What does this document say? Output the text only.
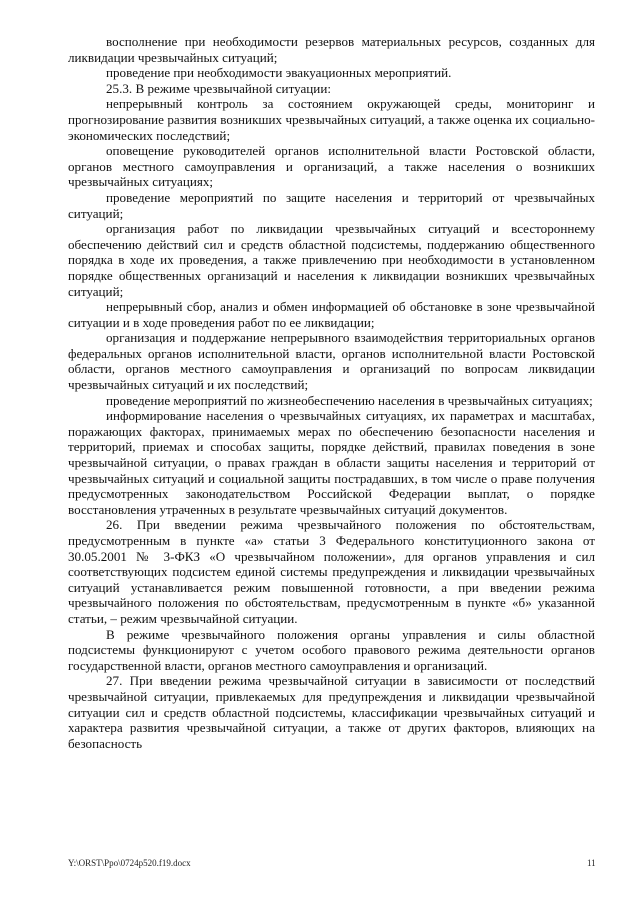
восполнение при необходимости резервов материальных ресурсов, созданных для ликвидации чрезвычайных ситуаций;

проведение при необходимости эвакуационных мероприятий.

25.3. В режиме чрезвычайной ситуации:

непрерывный контроль за состоянием окружающей среды, мониторинг и прогнозирование развития возникших чрезвычайных ситуаций, а также оценка их социально-экономических последствий;

оповещение руководителей органов исполнительной власти Ростовской области, органов местного самоуправления и организаций, а также населения о возникших чрезвычайных ситуациях;

проведение мероприятий по защите населения и территорий от чрезвычайных ситуаций;

организация работ по ликвидации чрезвычайных ситуаций и всестороннему обеспечению действий сил и средств областной подсистемы, поддержанию общественного порядка в ходе их проведения, а также привлечению при необходимости в установленном порядке общественных организаций и населения к ликвидации возникших чрезвычайных ситуаций;

непрерывный сбор, анализ и обмен информацией об обстановке в зоне чрезвычайной ситуации и в ходе проведения работ по ее ликвидации;

организация и поддержание непрерывного взаимодействия территориальных органов федеральных органов исполнительной власти, органов исполнительной власти Ростовской области, органов местного самоуправления и организаций по вопросам ликвидации чрезвычайных ситуаций и их последствий;

проведение мероприятий по жизнеобеспечению населения в чрезвычайных ситуациях;

информирование населения о чрезвычайных ситуациях, их параметрах и масштабах, поражающих факторах, принимаемых мерах по обеспечению безопасности населения и территорий, приемах и способах защиты, порядке действий, правилах поведения в зоне чрезвычайной ситуации, о правах граждан в области защиты населения и территорий от чрезвычайных ситуаций и социальной защиты пострадавших, в том числе о праве получения предусмотренных законодательством Российской Федерации выплат, о порядке восстановления утраченных в результате чрезвычайных ситуаций документов.

26. При введении режима чрезвычайного положения по обстоятельствам, предусмотренным в пункте «а» статьи 3 Федерального конституционного закона от 30.05.2001 № 3-ФКЗ «О чрезвычайном положении», для органов управления и сил соответствующих подсистем единой системы предупреждения и ликвидации чрезвычайных ситуаций устанавливается режим повышенной готовности, а при введении режима чрезвычайного положения по обстоятельствам, предусмотренным в пункте «б» указанной статьи, – режим чрезвычайной ситуации.

В режиме чрезвычайного положения органы управления и силы областной подсистемы функционируют с учетом особого правового режима деятельности органов государственной власти, органов местного самоуправления и организаций.

27. При введении режима чрезвычайной ситуации в зависимости от последствий чрезвычайной ситуации, привлекаемых для предупреждения и ликвидации чрезвычайной ситуации сил и средств областной подсистемы, классификации чрезвычайных ситуаций и характера развития чрезвычайной ситуации, а также от других факторов, влияющих на безопасность

Y:\ORST\Ppo\0724p520.f19.docx	11
